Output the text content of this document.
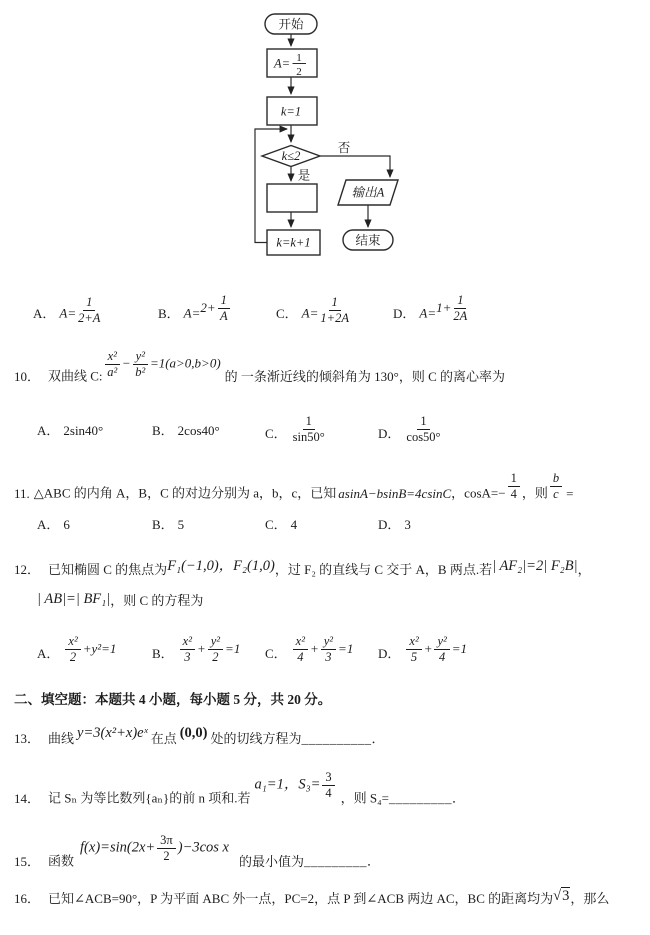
开始
A= 1
2
k=1
k≤2
否
是
输出A
k=k+1	结束
A． $A= \frac{1}{2+A}$	B． $A=2+ \frac{1}{A}$	C． $A= \frac{1}{1+2A}$	D． $A=1+ \frac{1}{2A}$
10． 双曲线 C: $\frac{\text{x²}}{\text{a²}} - \frac{\text{y²}}{\text{b²}} =1(a>0,b>0)$的 一条渐近线的倾斜角为 130°，则 C 的离心率为
A． 2sin40°	B． 2cos40°	C． $\frac{1}{\sin 50^\circ}$	D． $\frac{1}{\cos 50^\circ}$
11. △ABC 的内角 A，B，C 的对边分别为 a，b，c，已知 asinA−bsinB=4csinC，$\cos A=- \frac{1}{4}$ ，则 $\frac{b}{c}$ =
A． 6	B． 5	C． 4	D． 3
12． 已知椭圆 C 的焦点为F₁(−1,0)，F₂(1,0)，过 F₂ 的直线与 C 交于 A，B 两点.若| AF₂|=2| F₂B|，
| AB|=| BF₁|，则 C 的方程为
A． $\frac{\text{x²}}{2} +y^2=1$	B． $\frac{\text{x²}}{3} + \frac{\text{y²}}{2} =1$ C． $\frac{\text{x²}}{4} + \frac{\text{y²}}{3} =1$ D． $\frac{\text{x²}}{5} + \frac{\text{y²}}{4} =1$
二、填空题：本题共 4 小题，每小题 5 分，共 20 分。
13． 曲线 y=3(x²+x)eˣ 在点 (0,0) 处的切线方程为__________．
14． 记 Sₙ 为等比数列{aₙ}的前 n 项和.若a₁=1，$S_3= \frac{3}{4}$ ，则 S₄=_________．
15． 函数$f(x)=\sin(2x+ \frac{3\pi}{2} )-3\cos$ x的最小值为_________．
16． 已知∠ACB=90°，P 为平面 ABC 外一点，PC=2，点 P 到∠ACB 两边 AC，BC 的距离均为√3，那么
